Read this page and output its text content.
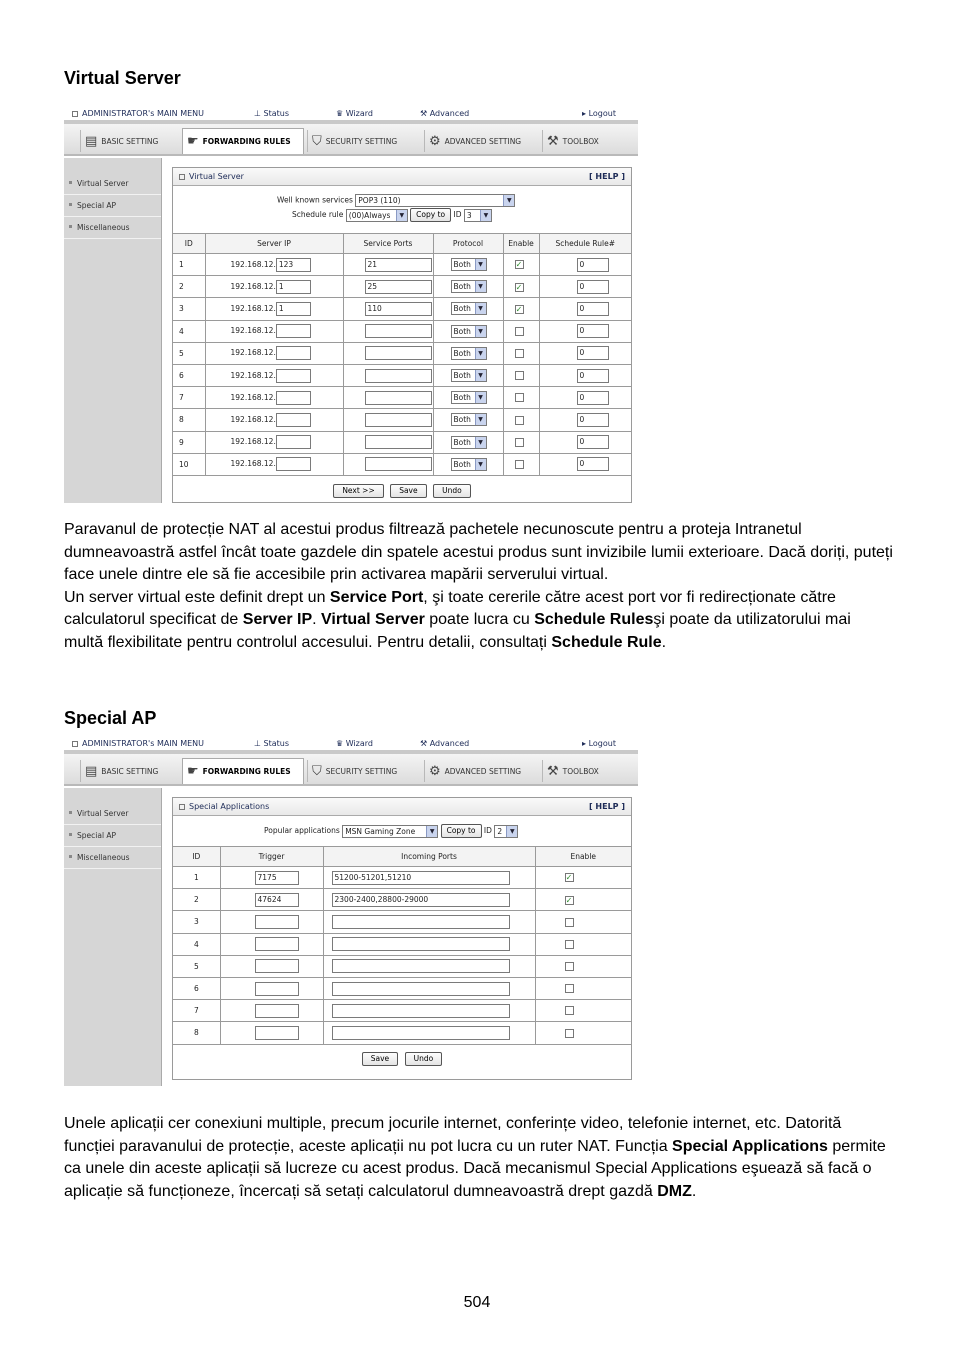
Virtual Server
ADMINISTRATOR's MAIN MENU	⊥ Status	♛ Wizard	⚒ Advanced	▸ Logout
▤ BASIC SETTING ☛ FORWARDING RULES ⛉ SECURITY SETTING ⚙ ADVANCED SETTING ⚒ TOOLBOX
Virtual Server
Special AP
Miscellaneous
Virtual Server	[ HELP ]
Well known services POP3 (110)	▼
Schedule rule (00)Always	▼	Copy to ID 3	▼
ID	Server IP	Service Ports	Protocol	Enable	Schedule Rule#
1	192.168.12. 123	21	Both ▼	✓	0
2	192.168.12. 1	25	Both ▼	✓	0
3	192.168.12. 1	110	Both ▼	✓	0
4	192.168.12.		Both ▼		0
5	192.168.12.		Both ▼		0
6	192.168.12.		Both ▼		0
7	192.168.12.		Both ▼		0
8	192.168.12.		Both ▼		0
9	192.168.12.		Both ▼		0
10	192.168.12.		Both ▼		0
Next >>	Save	Undo
Paravanul de protecție NAT al acestui produs filtrează pachetele necunoscute pentru a proteja Intranetul dumneavoastră astfel încât toate gazdele din spatele acestui produs sunt invizibile lumii exterioare. Dacă doriți, puteți face unele dintre ele să fie accesibile prin activarea mapării serverului virtual.
Un server virtual este definit drept un Service Port, şi toate cererile către acest port vor fi redirecționate către calculatorul specificat de Server IP. Virtual Server poate lucra cu Schedule Rulesşi poate da utilizatorului mai multă flexibilitate pentru controlul accesului. Pentru detalii, consultați Schedule Rule.
Special AP
ADMINISTRATOR's MAIN MENU	⊥ Status	♛ Wizard	⚒ Advanced	▸ Logout
▤ BASIC SETTING ☛ FORWARDING RULES ⛉ SECURITY SETTING ⚙ ADVANCED SETTING ⚒ TOOLBOX
Virtual Server
Special AP
Miscellaneous
Special Applications	[ HELP ]
Popular applications MSN Gaming Zone	▼	Copy to ID 2	▼
ID	Trigger	Incoming Ports	Enable
1	7175	51200-51201,51210	✓
2	47624	2300-2400,28800-29000	✓
3			
4			
5			
6			
7			
8			
Save	Undo
Unele aplicații cer conexiuni multiple, precum jocurile internet, conferințe video, telefonie internet, etc. Datorită funcției paravanului de protecție, aceste aplicații nu pot lucra cu un ruter NAT. Funcția Special Applications permite ca unele din aceste aplicații să lucreze cu acest produs. Dacă mecanismul Special Applications eşuează să facă o aplicație să funcționeze, încercați să setați calculatorul dumneavoastră drept gazdă DMZ.
504
